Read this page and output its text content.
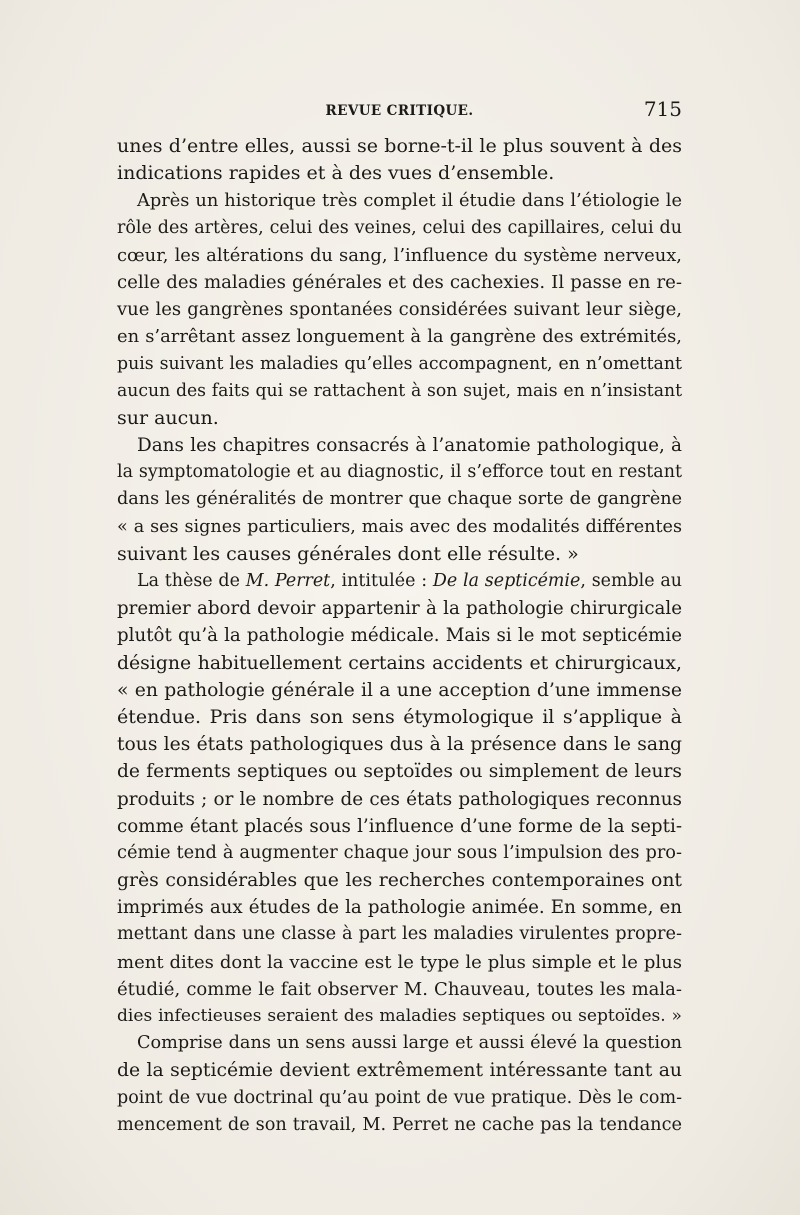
REVUE CRITIQUE.	715
unes d’entre elles, aussi se borne-t-il le plus souvent à des
indications rapides et à des vues d’ensemble.
Après un historique très complet il étudie dans l’étiologie le
rôle des artères, celui des veines, celui des capillaires, celui du
cœur, les altérations du sang, l’influence du système nerveux,
celle des maladies générales et des cachexies. Il passe en re-
vue les gangrènes spontanées considérées suivant leur siège,
en s’arrêtant assez longuement à la gangrène des extrémités,
puis suivant les maladies qu’elles accompagnent, en n’omettant
aucun des faits qui se rattachent à son sujet, mais en n’insistant
sur aucun.
Dans les chapitres consacrés à l’anatomie pathologique, à
la symptomatologie et au diagnostic, il s’efforce tout en restant
dans les généralités de montrer que chaque sorte de gangrène
« a ses signes particuliers, mais avec des modalités différentes
suivant les causes générales dont elle résulte. »
La thèse de M. Perret, intitulée : De la septicémie, semble au
premier abord devoir appartenir à la pathologie chirurgicale
plutôt qu’à la pathologie médicale. Mais si le mot septicémie
désigne habituellement certains accidents et chirurgicaux,
« en pathologie générale il a une acception d’une immense
étendue. Pris dans son sens étymologique il s’applique à
tous les états pathologiques dus à la présence dans le sang
de ferments septiques ou septoïdes ou simplement de leurs
produits ; or le nombre de ces états pathologiques reconnus
comme étant placés sous l’influence d’une forme de la septi-
cémie tend à augmenter chaque jour sous l’impulsion des pro-
grès considérables que les recherches contemporaines ont
imprimés aux études de la pathologie animée. En somme, en
mettant dans une classe à part les maladies virulentes propre-
ment dites dont la vaccine est le type le plus simple et le plus
étudié, comme le fait observer M. Chauveau, toutes les mala-
dies infectieuses seraient des maladies septiques ou septoïdes. »
Comprise dans un sens aussi large et aussi élevé la question
de la septicémie devient extrêmement intéressante tant au
point de vue doctrinal qu’au point de vue pratique. Dès le com-
mencement de son travail, M. Perret ne cache pas la tendance
